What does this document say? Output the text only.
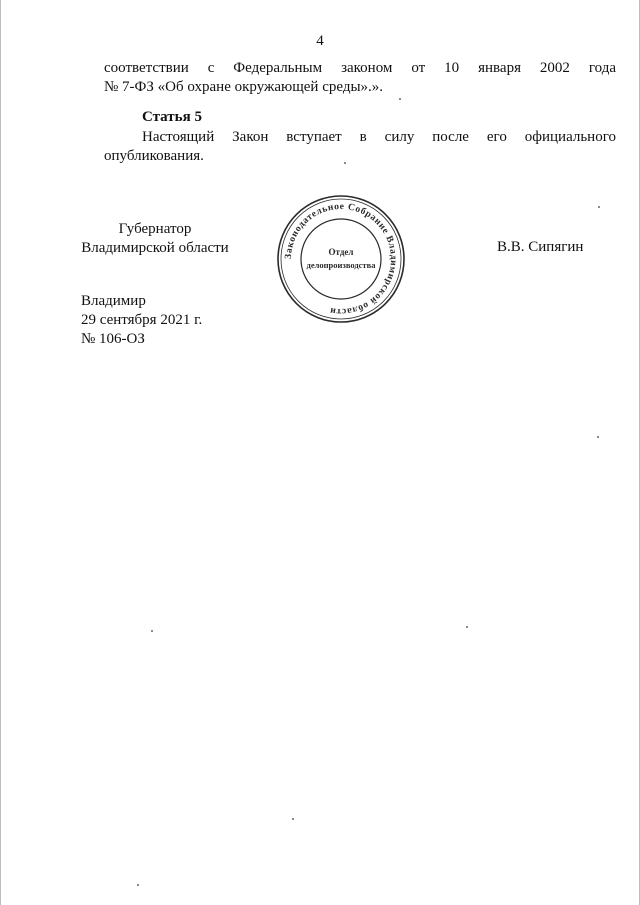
4
соответствии с Федеральным законом от 10 января 2002 года
№ 7-ФЗ «Об охране окружающей среды».».
Статья 5
Настоящий Закон вступает в силу после его официального
опубликования.
Губернатор
Владимирской области
Законодательное Собрание Владимирской области
Отдел
делопроизводства
В.В. Сипягин
Владимир
29 сентября 2021 г.
№ 106-ОЗ
